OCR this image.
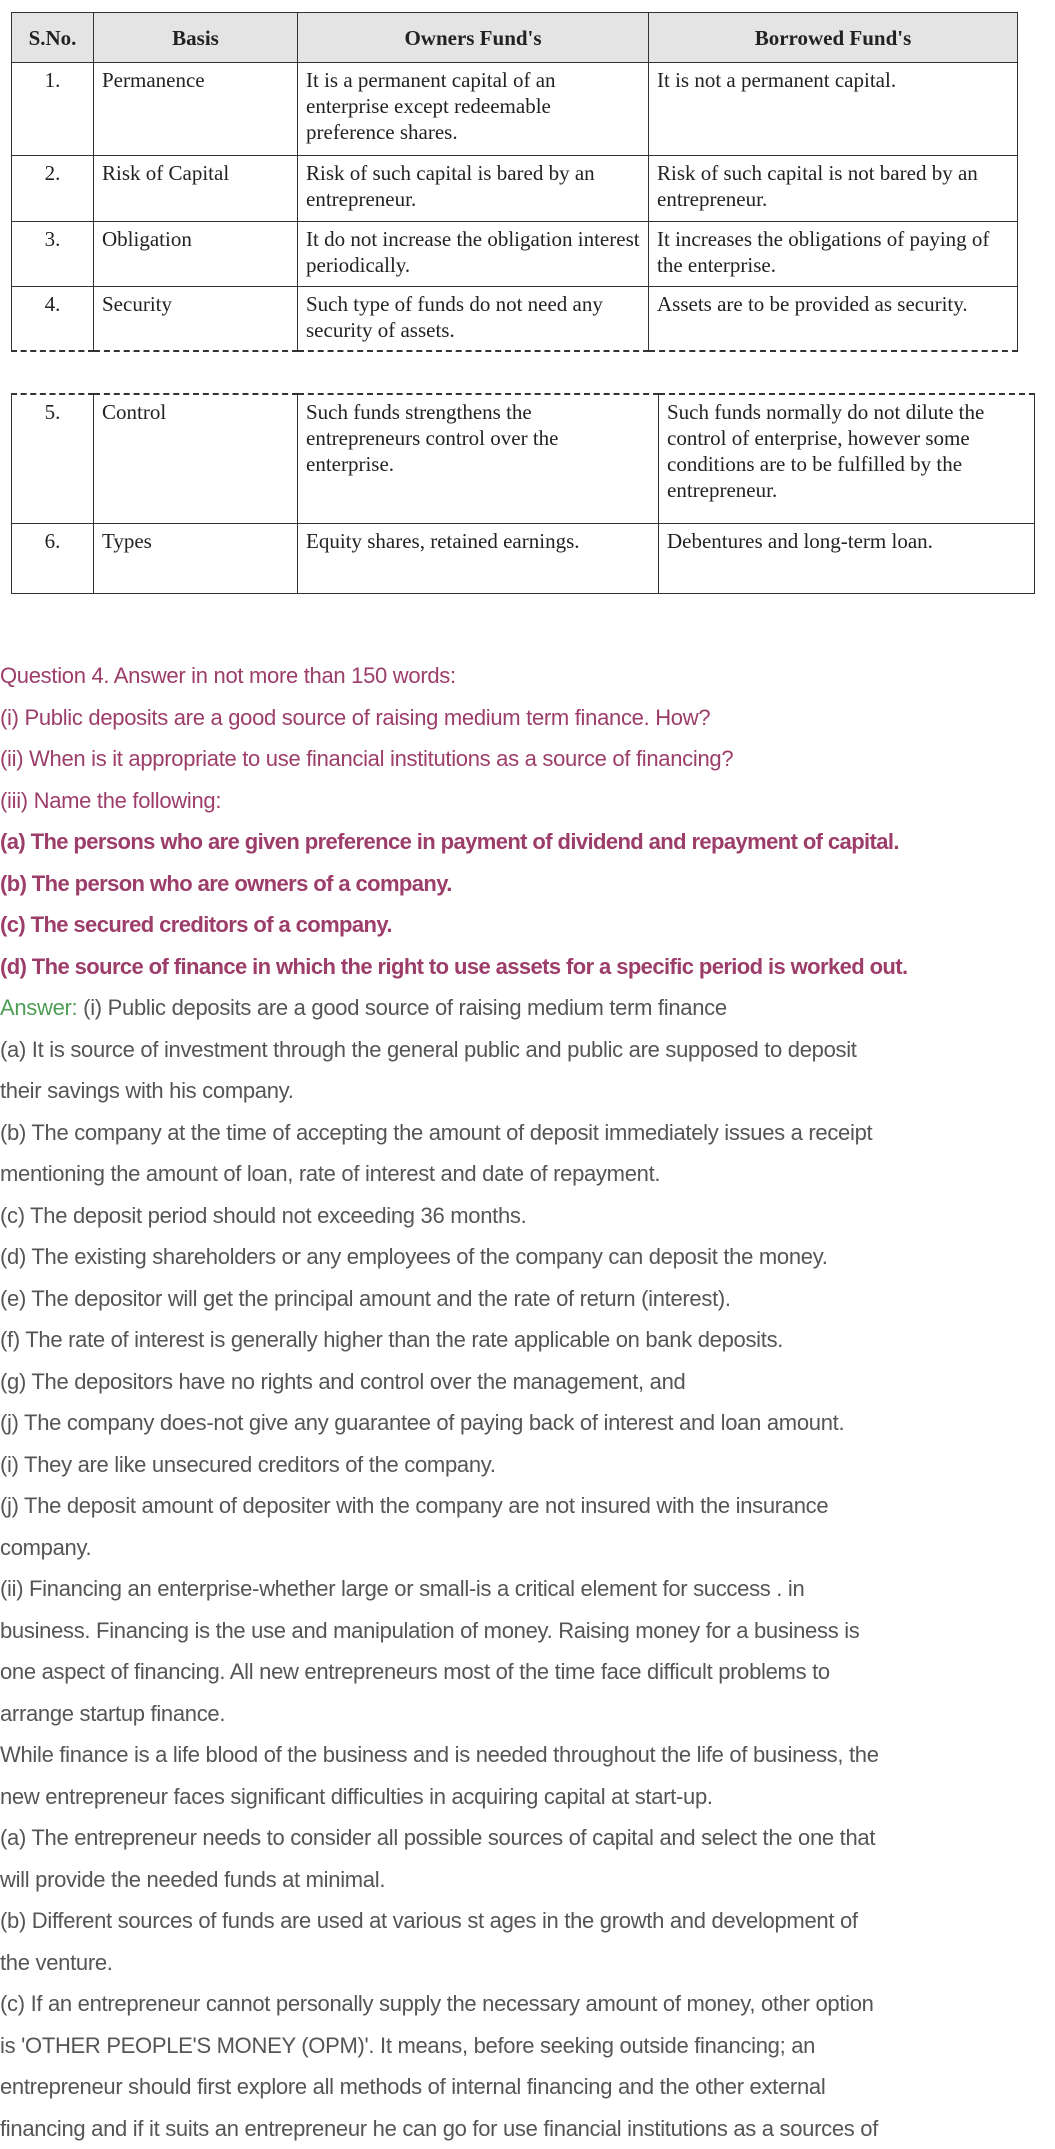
S.No.	Basis	Owners Fund's	Borrowed Fund's
1.	Permanence	It is a permanent capital of an enterprise except redeemable preference shares.	It is not a permanent capital.
2.	Risk of Capital	Risk of such capital is bared by an entrepreneur.	Risk of such capital is not bared by an entrepreneur.
3.	Obligation	It do not increase the obligation interest periodically.	It increases the obligations of paying of the enterprise.
4.	Security	Such type of funds do not need any security of assets.	Assets are to be provided as security.
5.	Control	Such funds strengthens the entrepreneurs control over the enterprise.	Such funds normally do not dilute the control of enterprise, however some conditions are to be fulfilled by the entrepreneur.
6.	Types	Equity shares, retained earnings.	Debentures and long-term loan.
Question 4. Answer in not more than 150 words:
(i) Public deposits are a good source of raising medium term finance. How?
(ii) When is it appropriate to use financial institutions as a source of financing?
(iii) Name the following:
(a) The persons who are given preference in payment of dividend and repayment of capital.
(b) The person who are owners of a company.
(c) The secured creditors of a company.
(d) The source of finance in which the right to use assets for a specific period is worked out.
Answer: (i) Public deposits are a good source of raising medium term finance
(a) It is source of investment through the general public and public are supposed to deposit
their savings with his company.
(b) The company at the time of accepting the amount of deposit immediately issues a receipt
mentioning the amount of loan, rate of interest and date of repayment.
(c) The deposit period should not exceeding 36 months.
(d) The existing shareholders or any employees of the company can deposit the money.
(e) The depositor will get the principal amount and the rate of return (interest).
(f) The rate of interest is generally higher than the rate applicable on bank deposits.
(g) The depositors have no rights and control over the management, and
(j) The company does-not give any guarantee of paying back of interest and loan amount.
(i) They are like unsecured creditors of the company.
(j) The deposit amount of depositer with the company are not insured with the insurance
company.
(ii) Financing an enterprise-whether large or small-is a critical element for success . in
business. Financing is the use and manipulation of money. Raising money for a business is
one aspect of financing. All new entrepreneurs most of the time face difficult problems to
arrange startup finance.
While finance is a life blood of the business and is needed throughout the life of business, the
new entrepreneur faces significant difficulties in acquiring capital at start-up.
(a) The entrepreneur needs to consider all possible sources of capital and select the one that
will provide the needed funds at minimal.
(b) Different sources of funds are used at various st ages in the growth and development of
the venture.
(c) If an entrepreneur cannot personally supply the necessary amount of money, other option
is 'OTHER PEOPLE'S MONEY (OPM)'. It means, before seeking outside financing; an
entrepreneur should first explore all methods of internal financing and the other external
financing and if it suits an entrepreneur he can go for use financial institutions as a sources of
